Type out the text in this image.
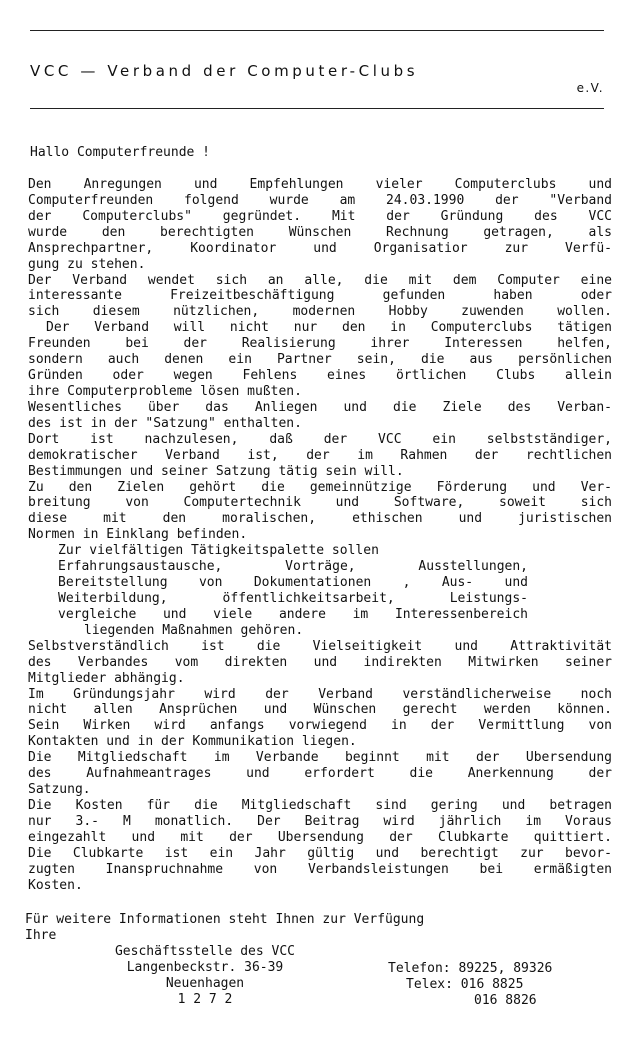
VCC — Verband der Computer-Clubs
e.V.
Hallo Computerfreunde !
Den Anregungen und Empfehlungen vieler Computerclubs und
Computerfreunden folgend wurde am 24.03.1990 der "Verband
der Computerclubs" gegründet. Mit der Gründung des VCC
wurde den berechtigten Wünschen Rechnung getragen, als
Ansprechpartner, Koordinator und Organisatior zur Verfü-
gung zu stehen.
Der Verband wendet sich an alle, die mit dem Computer eine
interessante Freizeitbeschäftigung gefunden haben oder
sich diesem nützlichen, modernen Hobby zuwenden wollen.
Der Verband will nicht nur den in Computerclubs tätigen
Freunden bei der Realisierung ihrer Interessen helfen,
sondern auch denen ein Partner sein, die aus persönlichen
Gründen oder wegen Fehlens eines örtlichen Clubs allein
ihre Computerprobleme lösen mußten.
Wesentliches über das Anliegen und die Ziele des Verban-
des ist in der "Satzung" enthalten.
Dort ist nachzulesen, daß der VCC ein selbstständiger,
demokratischer Verband ist, der im Rahmen der rechtlichen
Bestimmungen und seiner Satzung tätig sein will.
Zu den Zielen gehört die gemeinnützige Förderung und Ver-
breitung von Computertechnik und Software, soweit sich
diese mit den moralischen, ethischen und juristischen
Normen in Einklang befinden.
Zur vielfältigen Tätigkeitspalette sollen
Erfahrungsaustausche, Vorträge, Ausstellungen,
Bereitstellung von Dokumentationen , Aus- und
Weiterbildung, öffentlichkeitsarbeit, Leistungs-
vergleiche und viele andere im Interessenbereich
liegenden Maßnahmen gehören.
Selbstverständlich ist die Vielseitigkeit und Attraktivität
des Verbandes vom direkten und indirekten Mitwirken seiner
Mitglieder abhängig.
Im Gründungsjahr wird der Verband verständlicherweise noch
nicht allen Ansprüchen und Wünschen gerecht werden können.
Sein Wirken wird anfangs vorwiegend in der Vermittlung von
Kontakten und in der Kommunikation liegen.
Die Mitgliedschaft im Verbande beginnt mit der Übersendung
des Aufnahmeantrages und erfordert die Anerkennung der
Satzung.
Die Kosten für die Mitgliedschaft sind gering und betragen
nur 3.- M monatlich. Der Beitrag wird jährlich im Voraus
eingezahlt und mit der Übersendung der Clubkarte quittiert.
Die Clubkarte ist ein Jahr gültig und berechtigt zur bevor-
zugten Inanspruchnahme von Verbandsleistungen bei ermäßigten
Kosten.
Für weitere Informationen steht Ihnen zur Verfügung
Ihre
Geschäftsstelle des VCC
Langenbeckstr. 36-39
Neuenhagen
1 2 7 2
Telefon: 89225, 89326
Telex: 016 8825
016 8826
